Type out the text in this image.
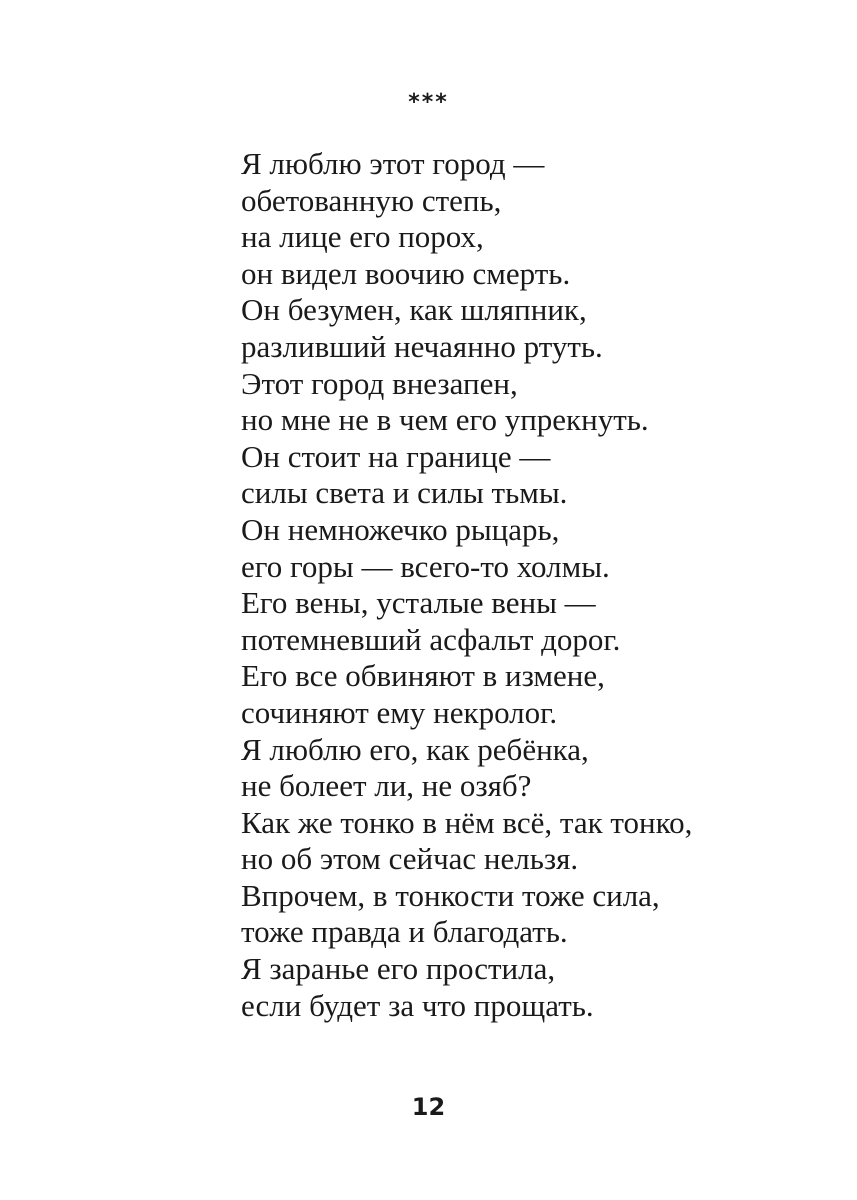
***
Я люблю этот город —
обетованную степь,
на лице его порох,
он видел воочию смерть.
Он безумен, как шляпник,
разливший нечаянно ртуть.
Этот город внезапен,
но мне не в чем его упрекнуть.
Он стоит на границе —
силы света и силы тьмы.
Он немножечко рыцарь,
его горы — всего-то холмы.
Его вены, усталые вены —
потемневший асфальт дорог.
Его все обвиняют в измене,
сочиняют ему некролог.
Я люблю его, как ребёнка,
не болеет ли, не озяб?
Как же тонко в нём всё, так тонко,
но об этом сейчас нельзя.
Впрочем, в тонкости тоже сила,
тоже правда и благодать.
Я заранье его простила,
если будет за что прощать.
12
